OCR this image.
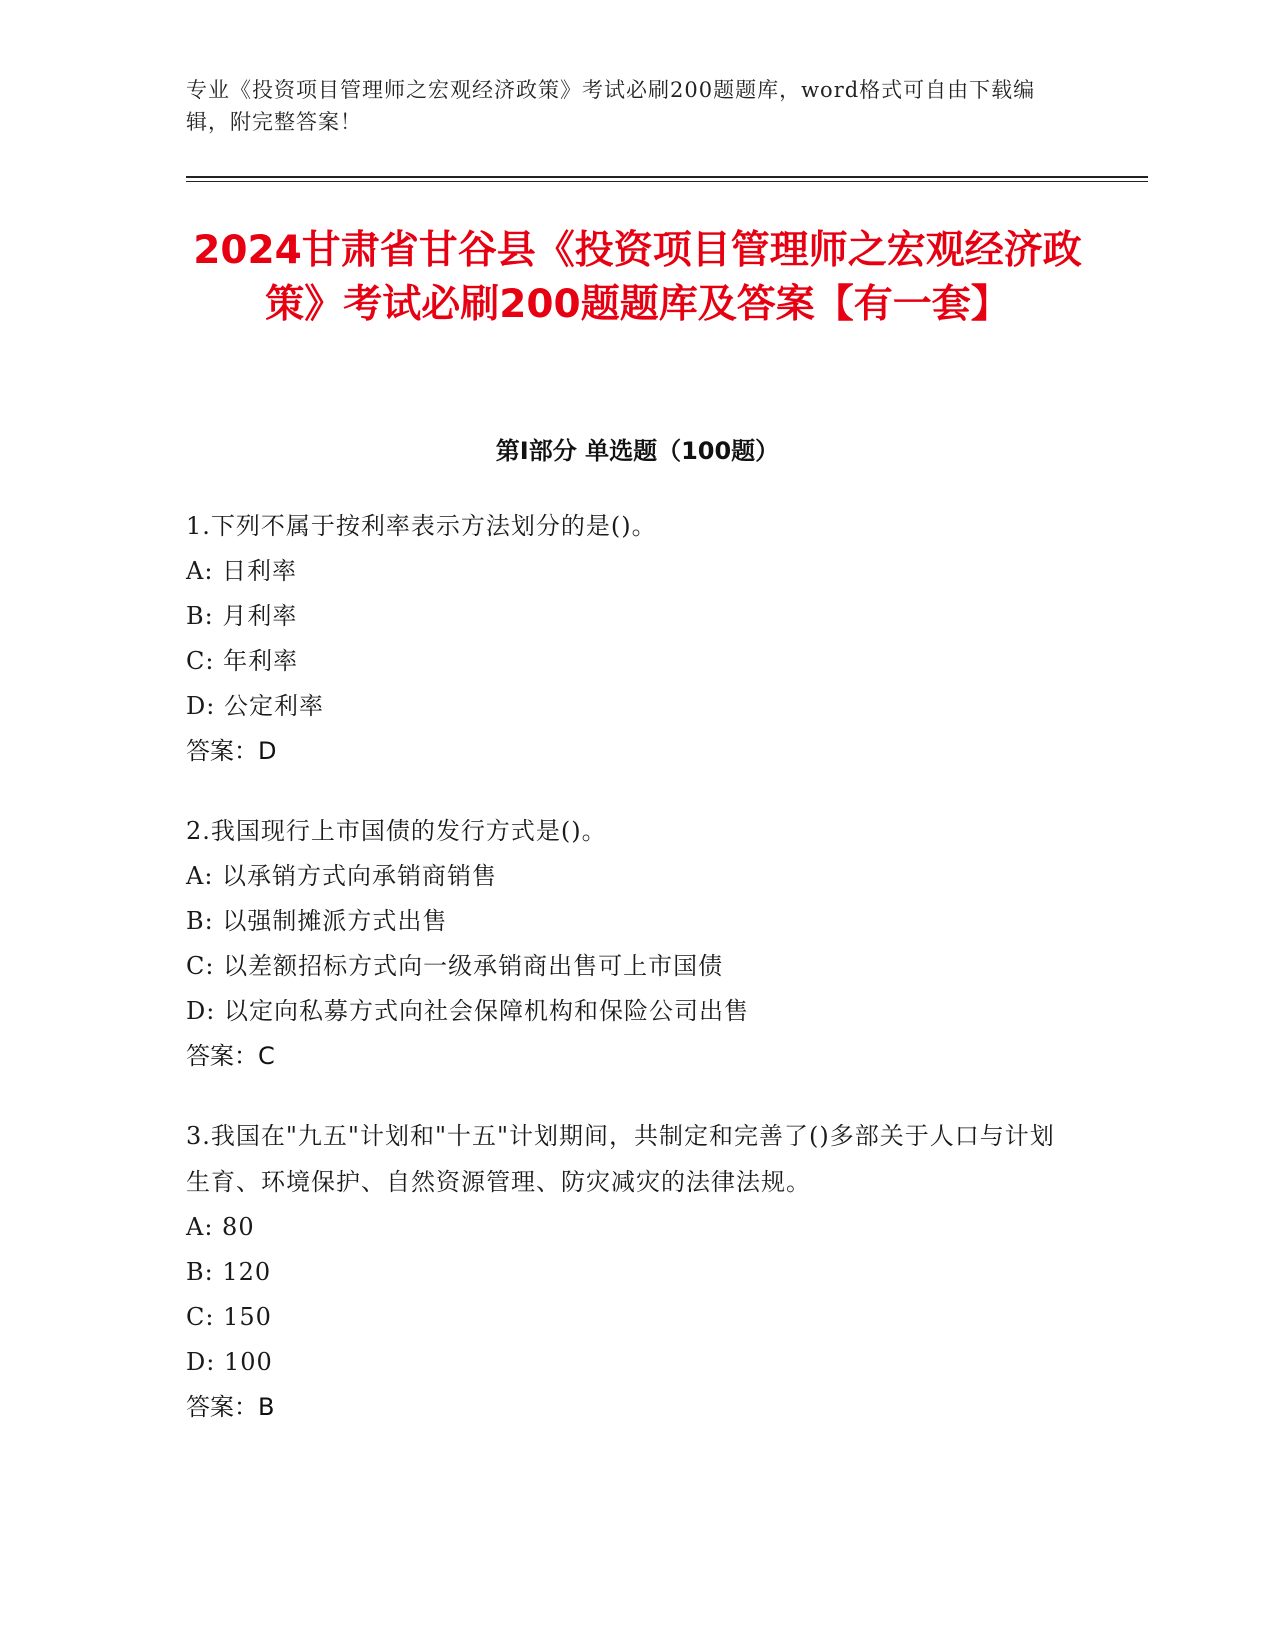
专业《投资项目管理师之宏观经济政策》考试必刷200题题库，word格式可自由下载编辑，附完整答案！
2024甘肃省甘谷县《投资项目管理师之宏观经济政策》考试必刷200题题库及答案【有一套】
第Ⅰ部分 单选题（100题）
1.下列不属于按利率表示方法划分的是()。
A: 日利率
B: 月利率
C: 年利率
D: 公定利率
答案：D
2.我国现行上市国债的发行方式是()。
A: 以承销方式向承销商销售
B: 以强制摊派方式出售
C: 以差额招标方式向一级承销商出售可上市国债
D: 以定向私募方式向社会保障机构和保险公司出售
答案：C
3.我国在"九五"计划和"十五"计划期间，共制定和完善了()多部关于人口与计划生育、环境保护、自然资源管理、防灾减灾的法律法规。
A: 80
B: 120
C: 150
D: 100
答案：B
